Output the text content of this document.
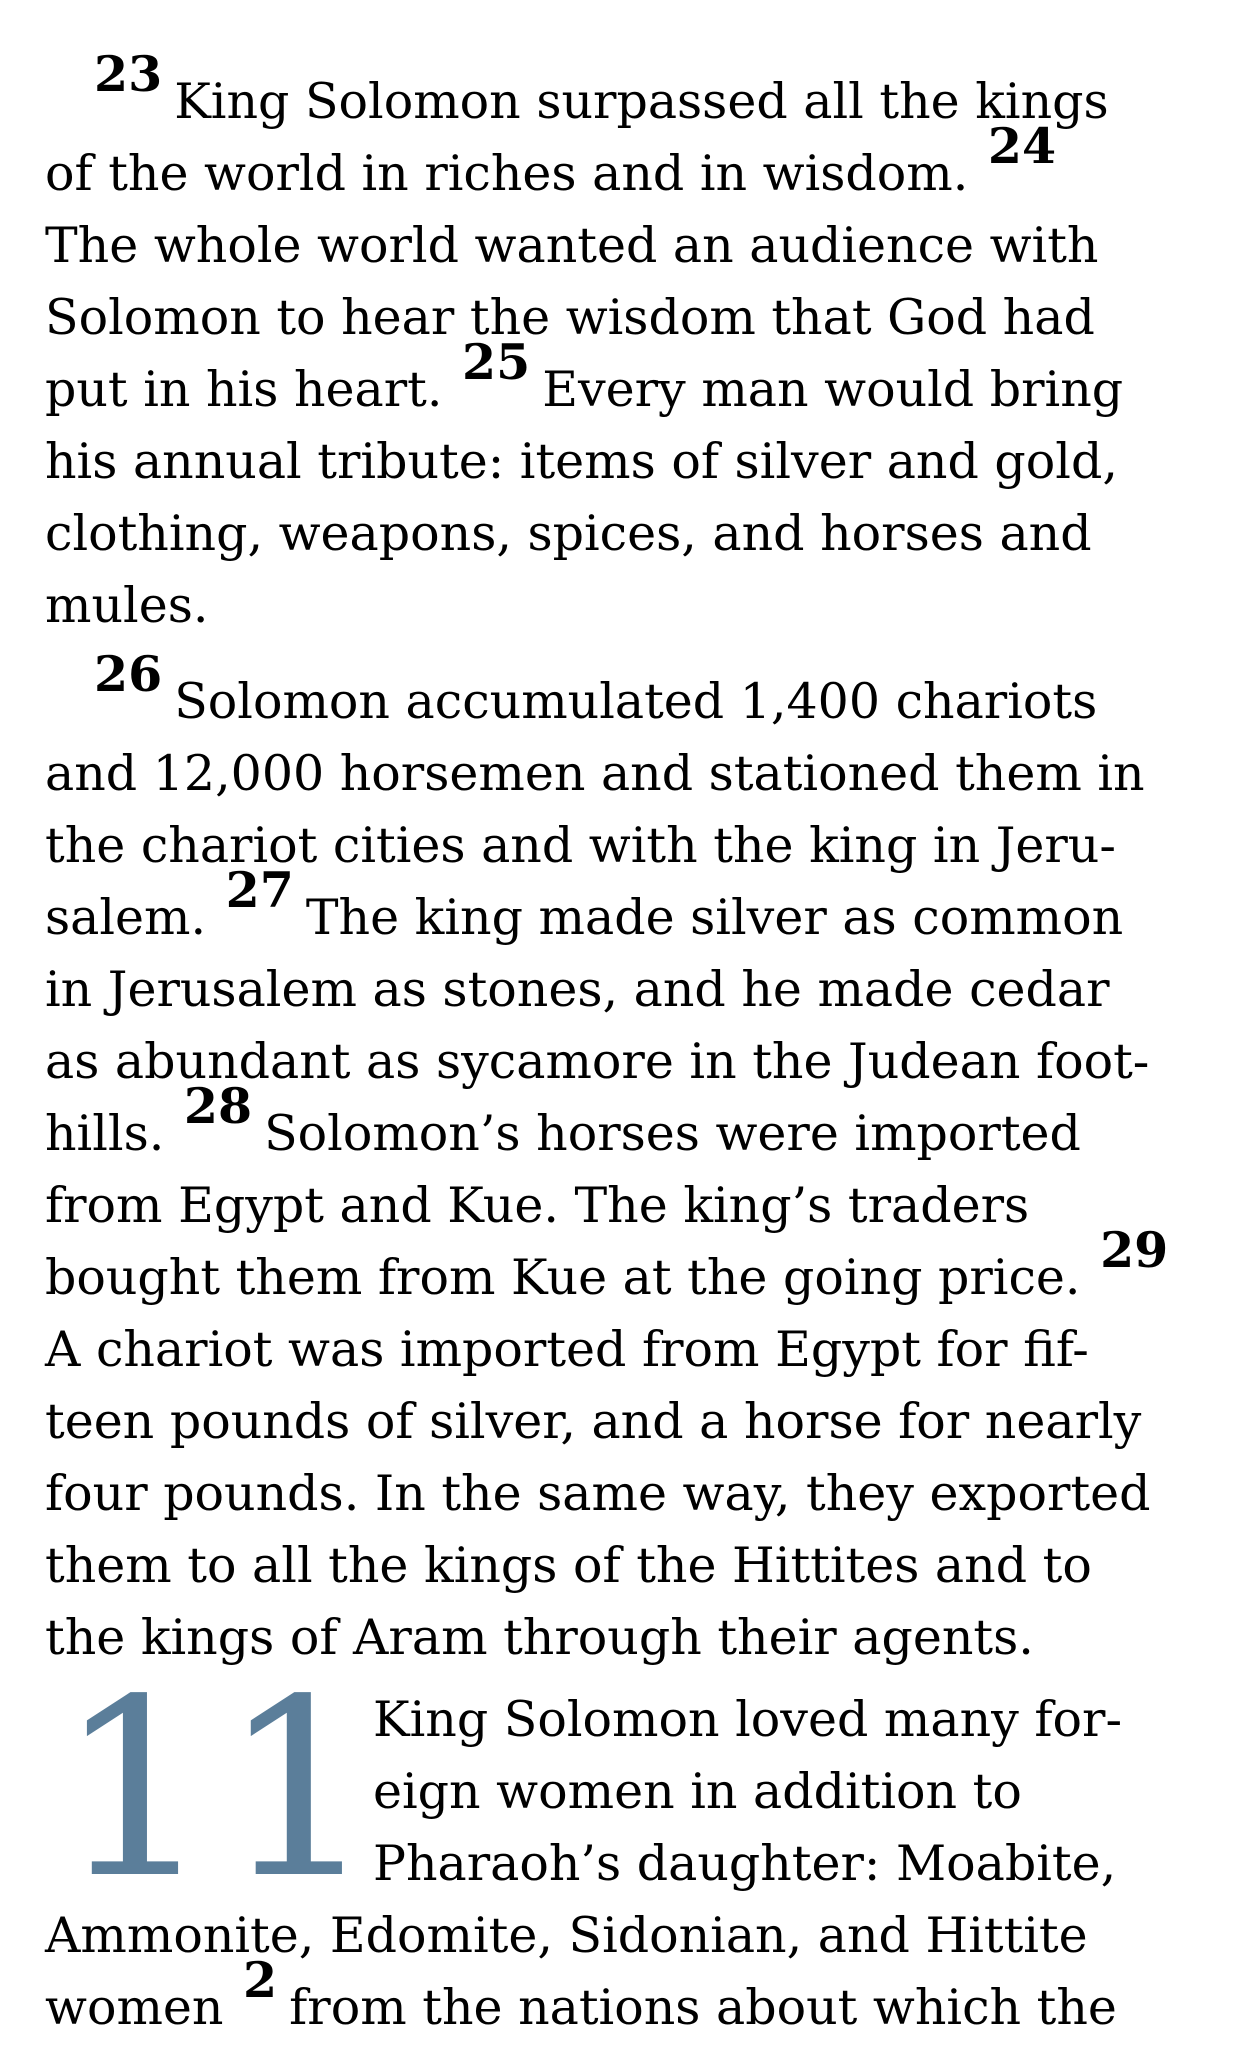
23 King Solomon surpassed all the kings
of the world in riches and in wisdom. 24
The whole world wanted an audience with
Solomon to hear the wisdom that God had
put in his heart. 25 Every man would bring
his annual tribute: items of silver and gold,
clothing, weapons, spices, and horses and
mules.
26 Solomon accumulated 1,400 chariots
and 12,000 horsemen and stationed them in
the chariot cities and with the king in Jeru-
salem. 27 The king made silver as common
in Jerusalem as stones, and he made cedar
as abundant as sycamore in the Judean foot-
hills. 28 Solomon’s horses were imported
from Egypt and Kue. The king’s traders
bought them from Kue at the going price. 29
A chariot was imported from Egypt for fif-
teen pounds of silver, and a horse for nearly
four pounds. In the same way, they exported
them to all the kings of the Hittites and to
the kings of Aram through their agents.
11
King Solomon loved many for-
eign women in addition to
Pharaoh’s daughter: Moabite,
Ammonite, Edomite, Sidonian, and Hittite
women 2 from the nations about which the
